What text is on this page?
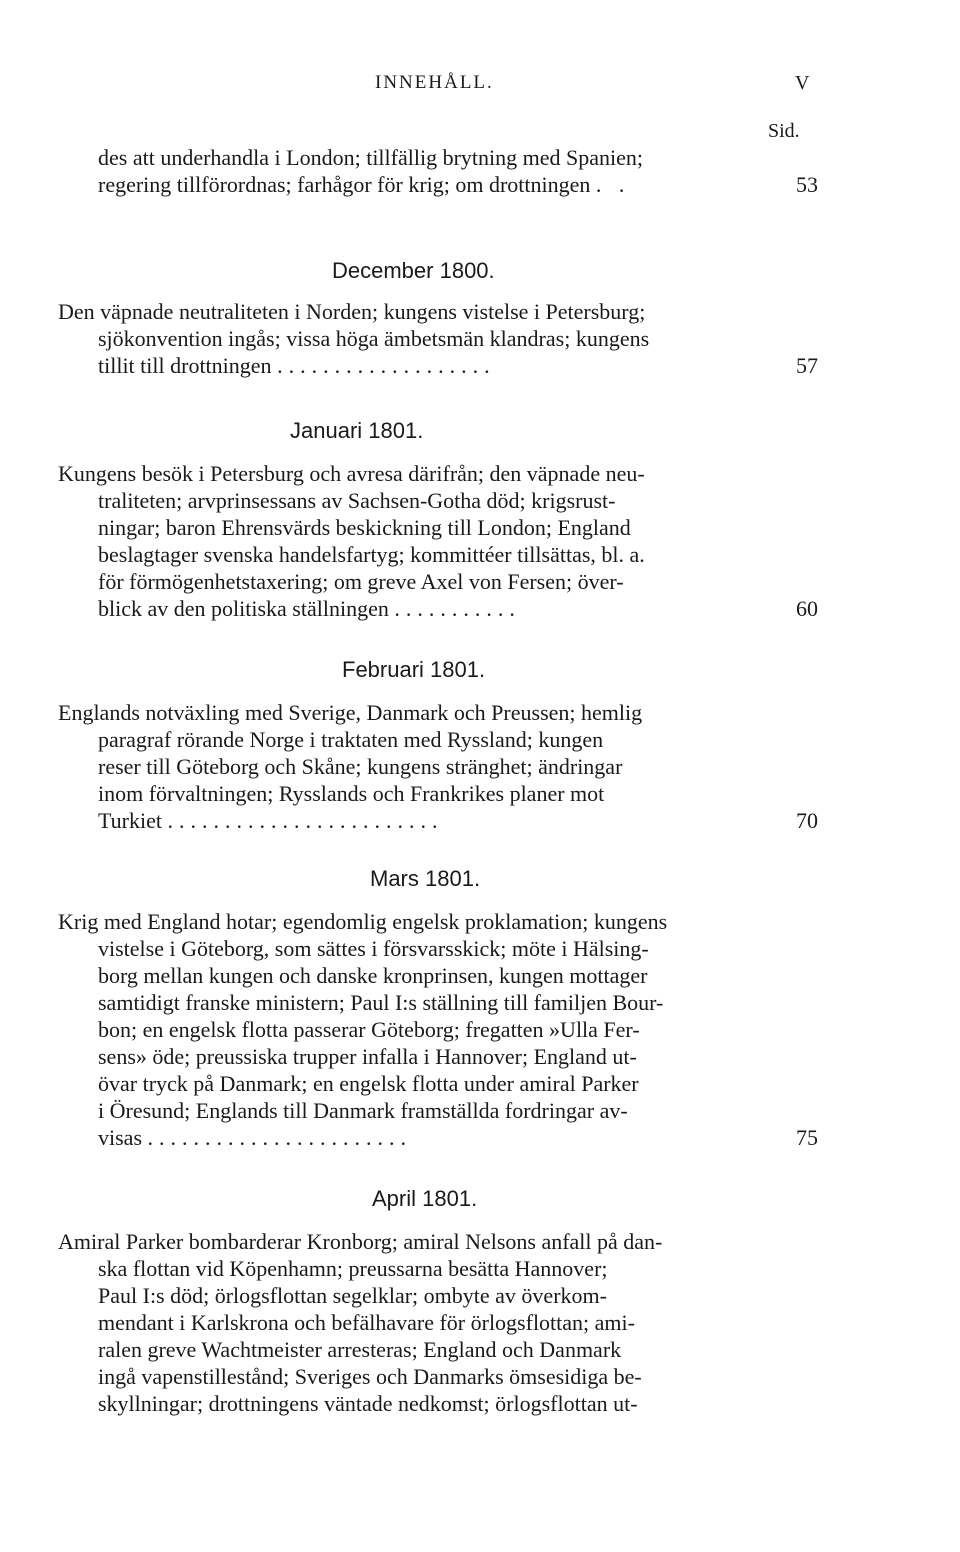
INNEHÅLL.	V
Sid.
des att underhandla i London; tillfällig brytning med Spanien;
regering tillförordnas; farhågor för krig; om drottningen . .	53
December 1800.
Den väpnade neutraliteten i Norden; kungens vistelse i Petersburg;
sjökonvention ingås; vissa höga ämbetsmän klandras; kungens
tillit till drottningen ...................	57
Januari 1801.
Kungens besök i Petersburg och avresa därifrån; den väpnade neu-
traliteten; arvprinsessans av Sachsen-Gotha död; krigsrust-
ningar; baron Ehrensvärds beskickning till London; England
beslagtager svenska handelsfartyg; kommittéer tillsättas, bl. a.
för förmögenhetstaxering; om greve Axel von Fersen; över-
blick av den politiska ställningen ...........	60
Februari 1801.
Englands notväxling med Sverige, Danmark och Preussen; hemlig
paragraf rörande Norge i traktaten med Ryssland; kungen
reser till Göteborg och Skåne; kungens stränghet; ändringar
inom förvaltningen; Rysslands och Frankrikes planer mot
Turkiet ........................	70
Mars 1801.
Krig med England hotar; egendomlig engelsk proklamation; kungens
vistelse i Göteborg, som sättes i försvarsskick; möte i Hälsing-
borg mellan kungen och danske kronprinsen, kungen mottager
samtidigt franske ministern; Paul I:s ställning till familjen Bour-
bon; en engelsk flotta passerar Göteborg; fregatten »Ulla Fer-
sens» öde; preussiska trupper infalla i Hannover; England ut-
övar tryck på Danmark; en engelsk flotta under amiral Parker
i Öresund; Englands till Danmark framställda fordringar av-
visas .......................	75
April 1801.
Amiral Parker bombarderar Kronborg; amiral Nelsons anfall på dan-
ska flottan vid Köpenhamn; preussarna besätta Hannover;
Paul I:s död; örlogsflottan segelklar; ombyte av överkom-
mendant i Karlskrona och befälhavare för örlogsflottan; ami-
ralen greve Wachtmeister arresteras; England och Danmark
ingå vapenstillestånd; Sveriges och Danmarks ömsesidiga be-
skyllningar; drottningens väntade nedkomst; örlogsflottan ut-
